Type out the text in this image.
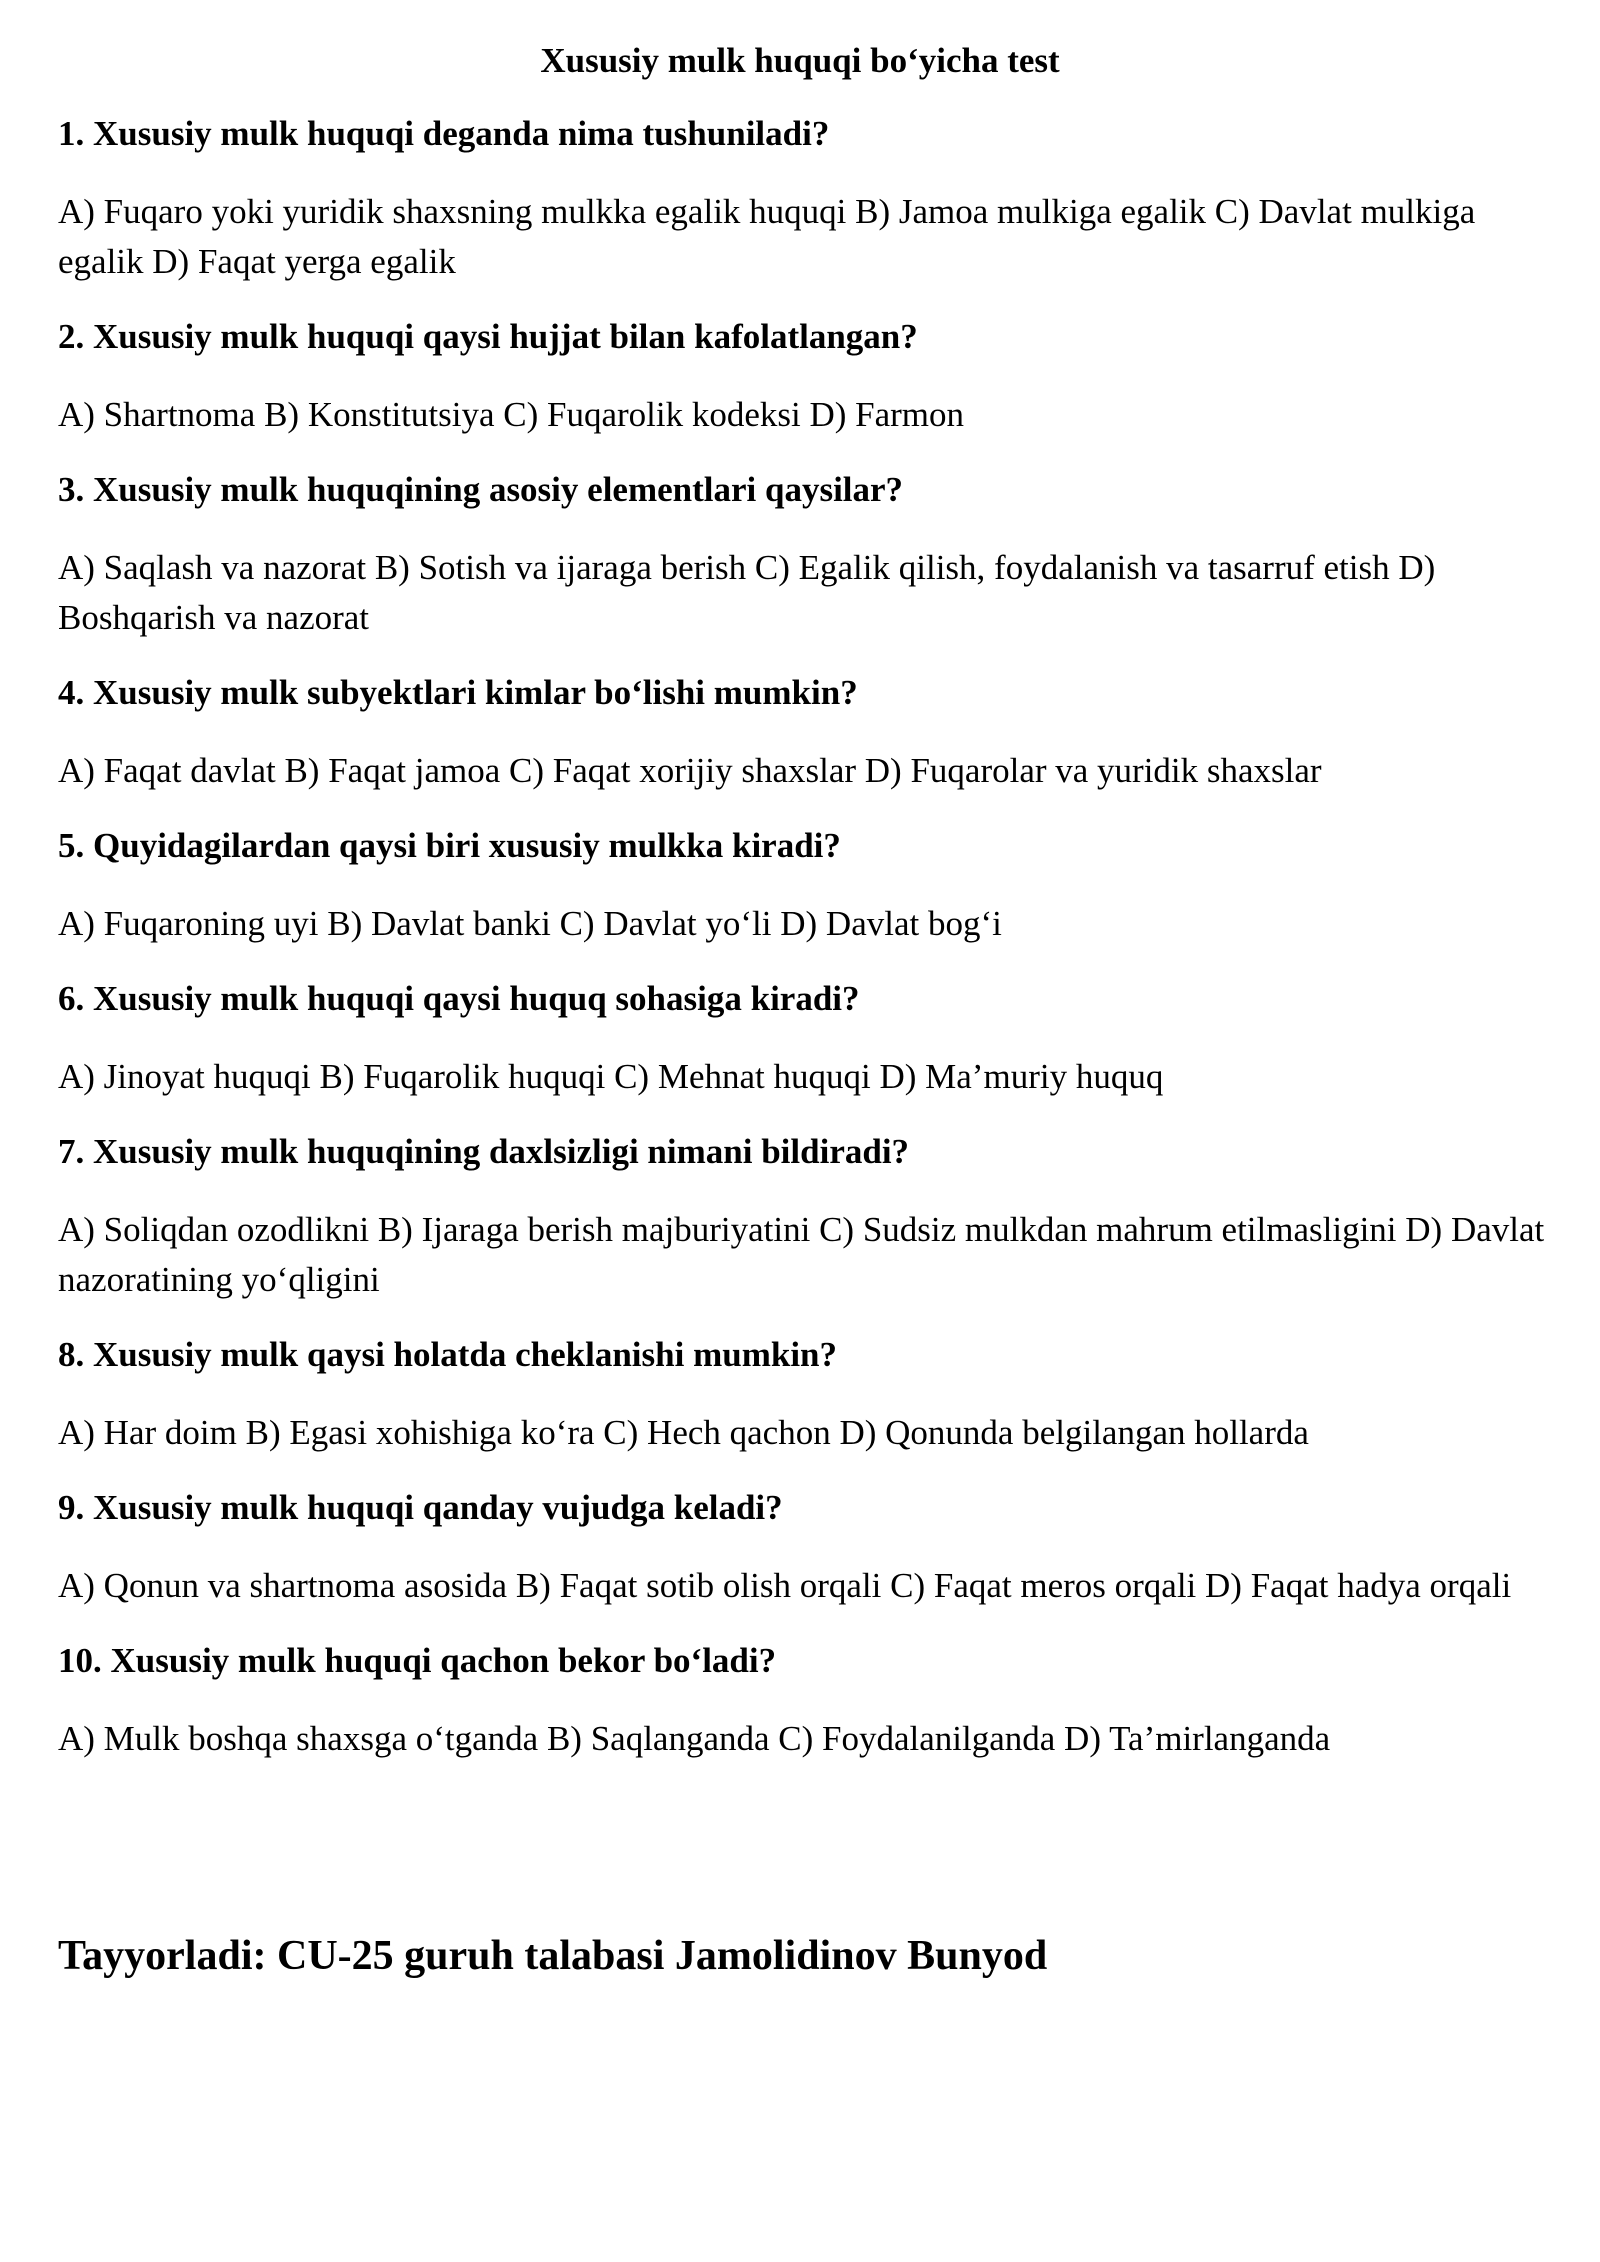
Xususiy mulk huquqi bo‘yicha test

1. Xususiy mulk huquqi deganda nima tushuniladi?

A) Fuqaro yoki yuridik shaxsning mulkka egalik huquqi B) Jamoa mulkiga egalik C) Davlat mulkiga egalik D) Faqat yerga egalik

2. Xususiy mulk huquqi qaysi hujjat bilan kafolatlangan?

A) Shartnoma B) Konstitutsiya C) Fuqarolik kodeksi D) Farmon

3. Xususiy mulk huquqining asosiy elementlari qaysilar?

A) Saqlash va nazorat B) Sotish va ijaraga berish C) Egalik qilish, foydalanish va tasarruf etish D) Boshqarish va nazorat

4. Xususiy mulk subyektlari kimlar bo‘lishi mumkin?

A) Faqat davlat B) Faqat jamoa C) Faqat xorijiy shaxslar D) Fuqarolar va yuridik shaxslar

5. Quyidagilardan qaysi biri xususiy mulkka kiradi?

A) Fuqaroning uyi B) Davlat banki C) Davlat yo‘li D) Davlat bog‘i

6. Xususiy mulk huquqi qaysi huquq sohasiga kiradi?

A) Jinoyat huquqi B) Fuqarolik huquqi C) Mehnat huquqi D) Ma’muriy huquq

7. Xususiy mulk huquqining daxlsizligi nimani bildiradi?

A) Soliqdan ozodlikni B) Ijaraga berish majburiyatini C) Sudsiz mulkdan mahrum etilmasligini D) Davlat nazoratining yo‘qligini

8. Xususiy mulk qaysi holatda cheklanishi mumkin?

A) Har doim B) Egasi xohishiga ko‘ra C) Hech qachon D) Qonunda belgilangan hollarda

9. Xususiy mulk huquqi qanday vujudga keladi?

A) Qonun va shartnoma asosida B) Faqat sotib olish orqali C) Faqat meros orqali D) Faqat hadya orqali

10. Xususiy mulk huquqi qachon bekor bo‘ladi?

A) Mulk boshqa shaxsga o‘tganda B) Saqlanganda C) Foydalanilganda D) Ta’mirlanganda

Tayyorladi: CU-25 guruh talabasi Jamolidinov Bunyod
